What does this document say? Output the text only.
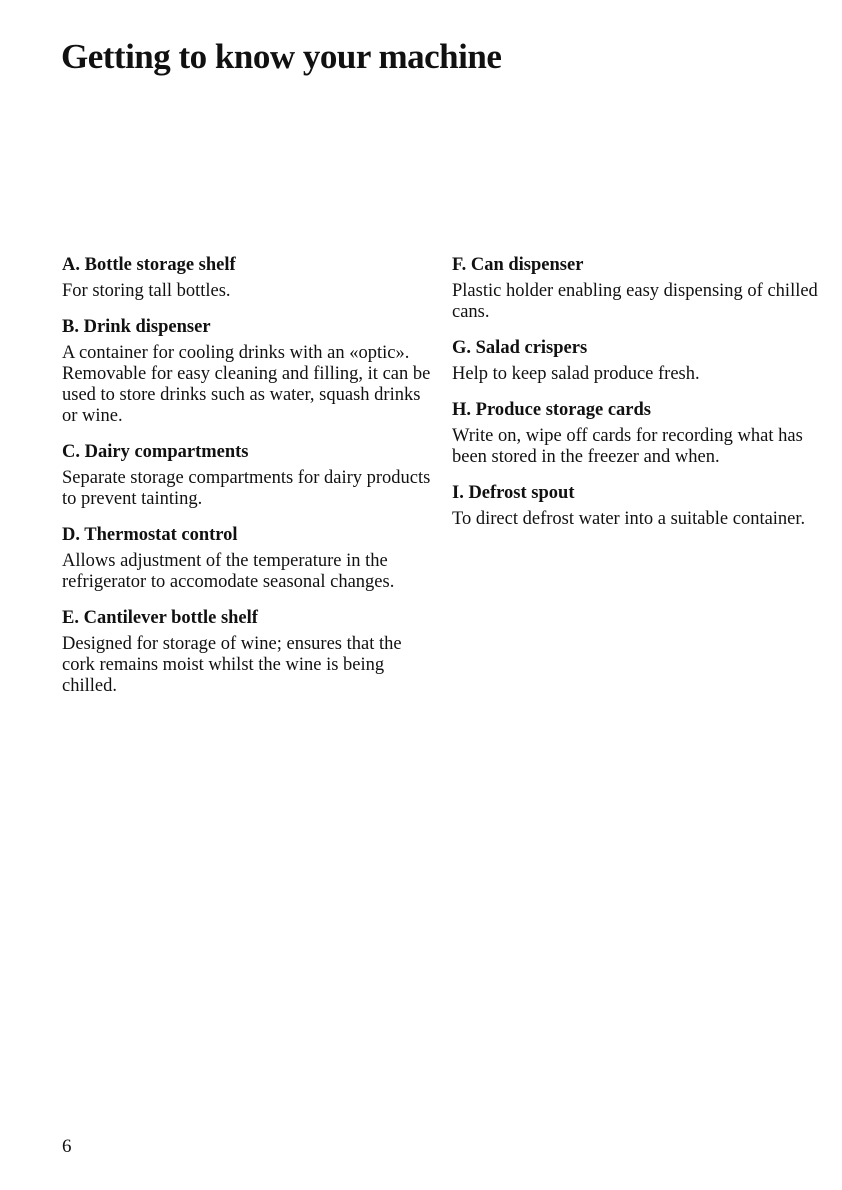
Getting to know your machine
A. Bottle storage shelf

For storing tall bottles.

B. Drink dispenser

A container for cooling drinks with an «optic». Removable for easy cleaning and filling, it can be used to store drinks such as water, squash drinks or wine.

C. Dairy compartments

Separate storage compartments for dairy products to prevent tainting.

D. Thermostat control

Allows adjustment of the temperature in the refrigerator to accomodate seasonal changes.

E. Cantilever bottle shelf

Designed for storage of wine; ensures that the cork remains moist whilst the wine is being chilled.

F. Can dispenser

Plastic holder enabling easy dispensing of chilled cans.

G. Salad crispers

Help to keep salad produce fresh.

H. Produce storage cards

Write on, wipe off cards for recording what has been stored in the freezer and when.

I. Defrost spout

To direct defrost water into a suitable container.

6
